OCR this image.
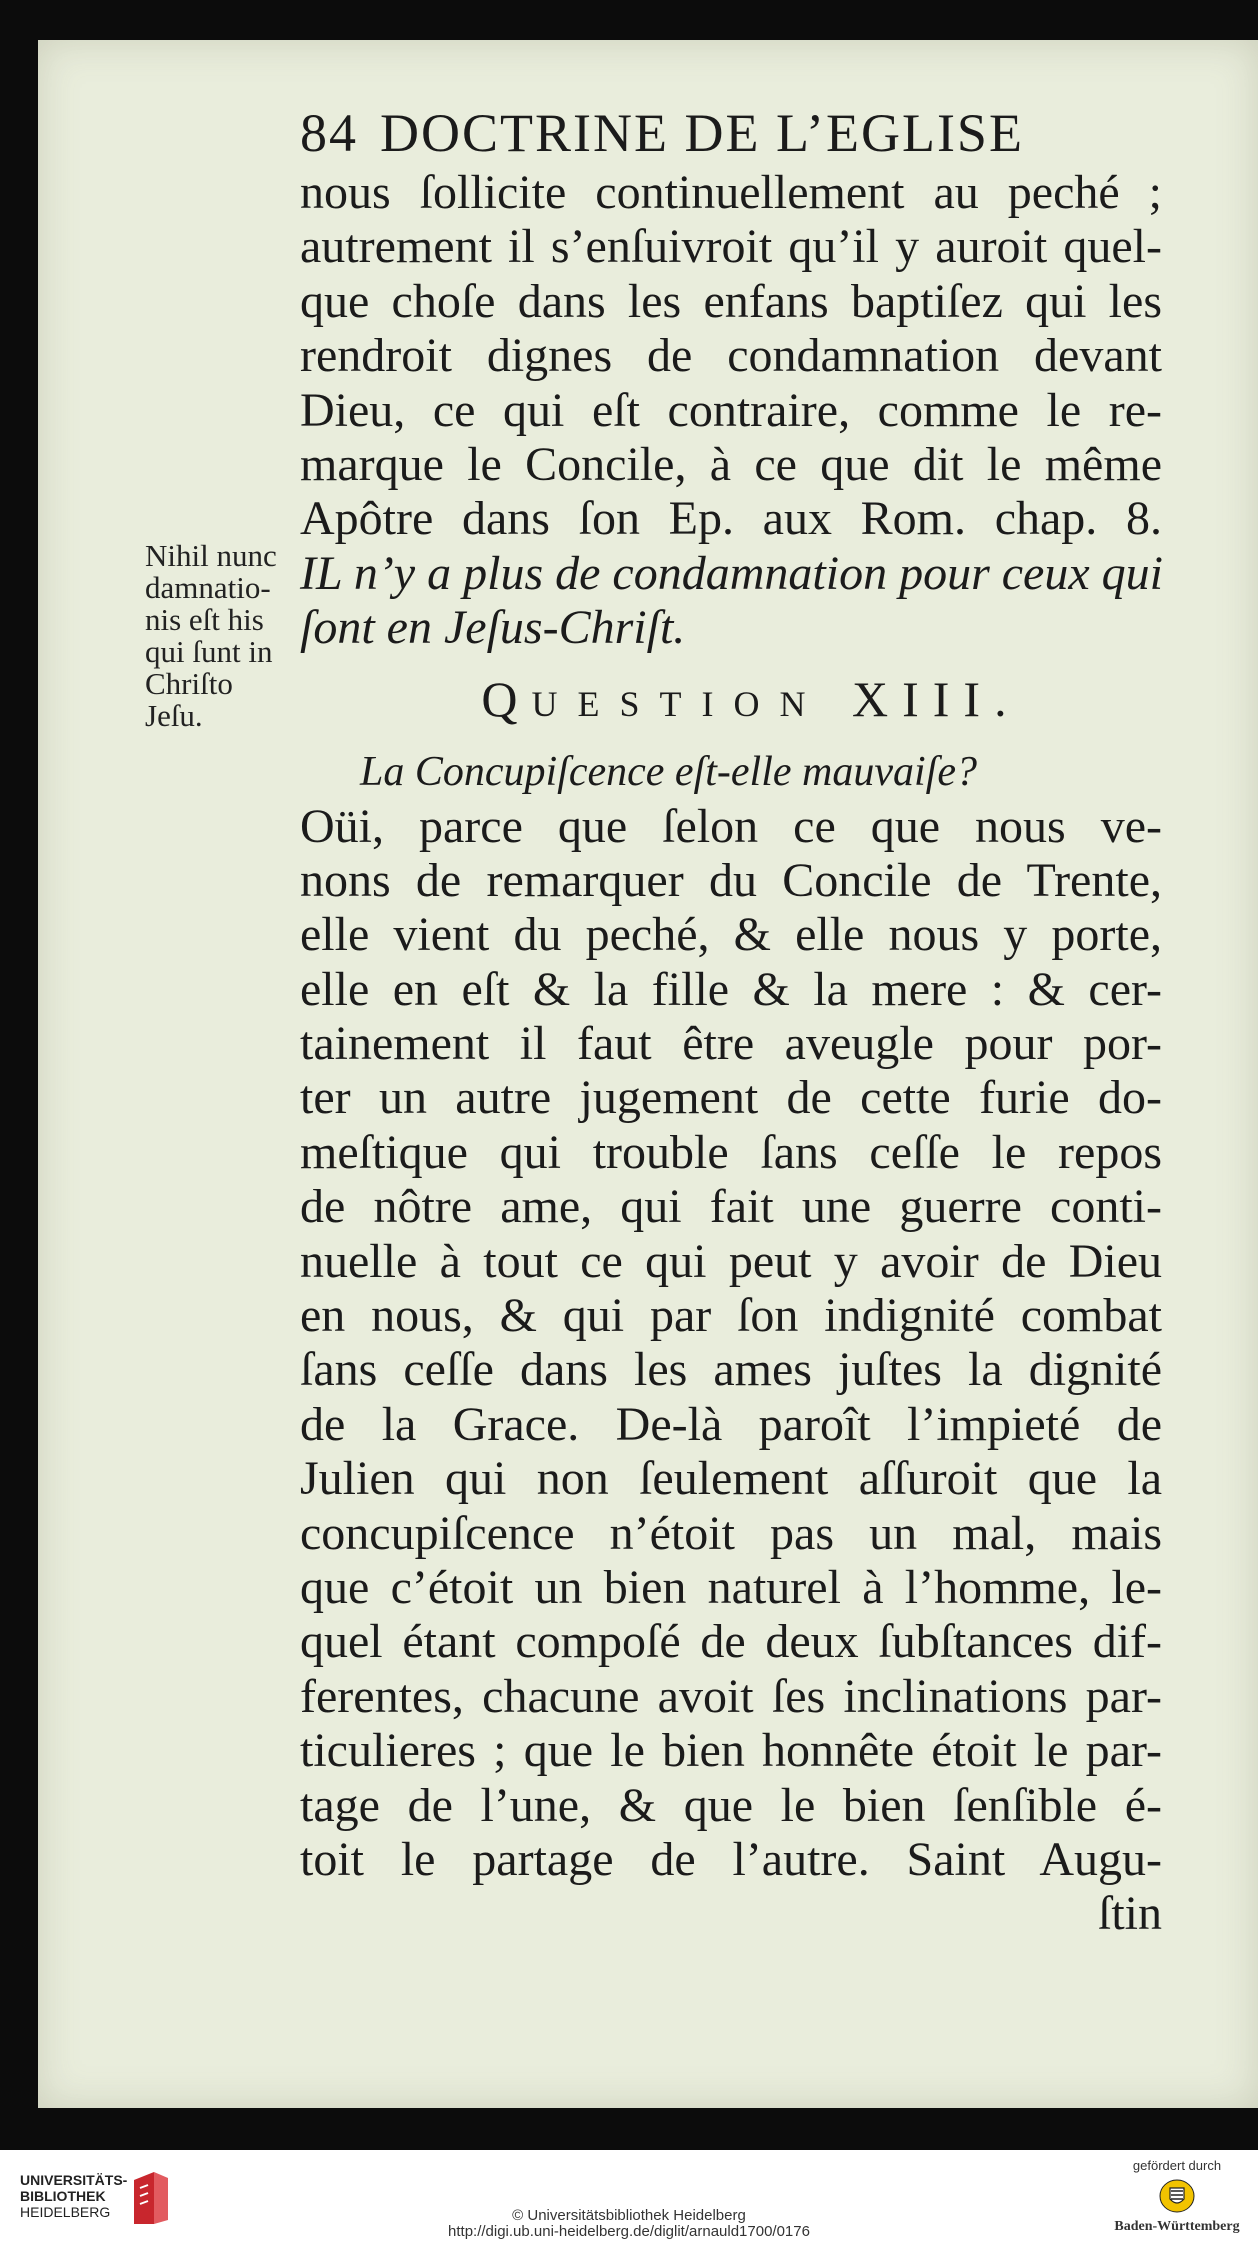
84 DOCTRINE DE L’EGLISE
nous ſollicite continuellement au peché ;
autrement il s’enſuivroit qu’il y auroit quel-
que choſe dans les enfans baptiſez qui les
rendroit dignes de condamnation devant
Dieu, ce qui eſt contraire, comme le re-
marque le Concile, à ce que dit le même
Apôtre dans ſon Ep. aux Rom. chap. 8.
IL n’y a plus de condamnation pour ceux qui
ſont en Jeſus-Chriſt.
QUESTION XIII.
La Concupiſcence eſt-elle mauvaiſe?
Oüi, parce que ſelon ce que nous ve-
nons de remarquer du Concile de Trente,
elle vient du peché, & elle nous y porte,
elle en eſt & la fille & la mere : & cer-
tainement il faut être aveugle pour por-
ter un autre jugement de cette furie do-
meſtique qui trouble ſans ceſſe le repos
de nôtre ame, qui fait une guerre conti-
nuelle à tout ce qui peut y avoir de Dieu
en nous, & qui par ſon indignité combat
ſans ceſſe dans les ames juſtes la dignité
de la Grace. De-là paroît l’impieté de
Julien qui non ſeulement aſſuroit que la
concupiſcence n’étoit pas un mal, mais
que c’étoit un bien naturel à l’homme, le-
quel étant compoſé de deux ſubſtances dif-
ferentes, chacune avoit ſes inclinations par-
ticulieres ; que le bien honnête étoit le par-
tage de l’une, & que le bien ſenſible é-
toit le partage de l’autre. Saint Augu-
ſtin
Nihil nunc
damnatio-
nis eſt his
qui ſunt in
Chriſto
Jeſu.
UNIVERSITÄTS-
BIBLIOTHEK
HEIDELBERG	© Universitätsbibliothek Heidelberg
http://digi.ub.uni-heidelberg.de/diglit/arnauld1700/0176
gefördert durch
Baden-Württemberg
